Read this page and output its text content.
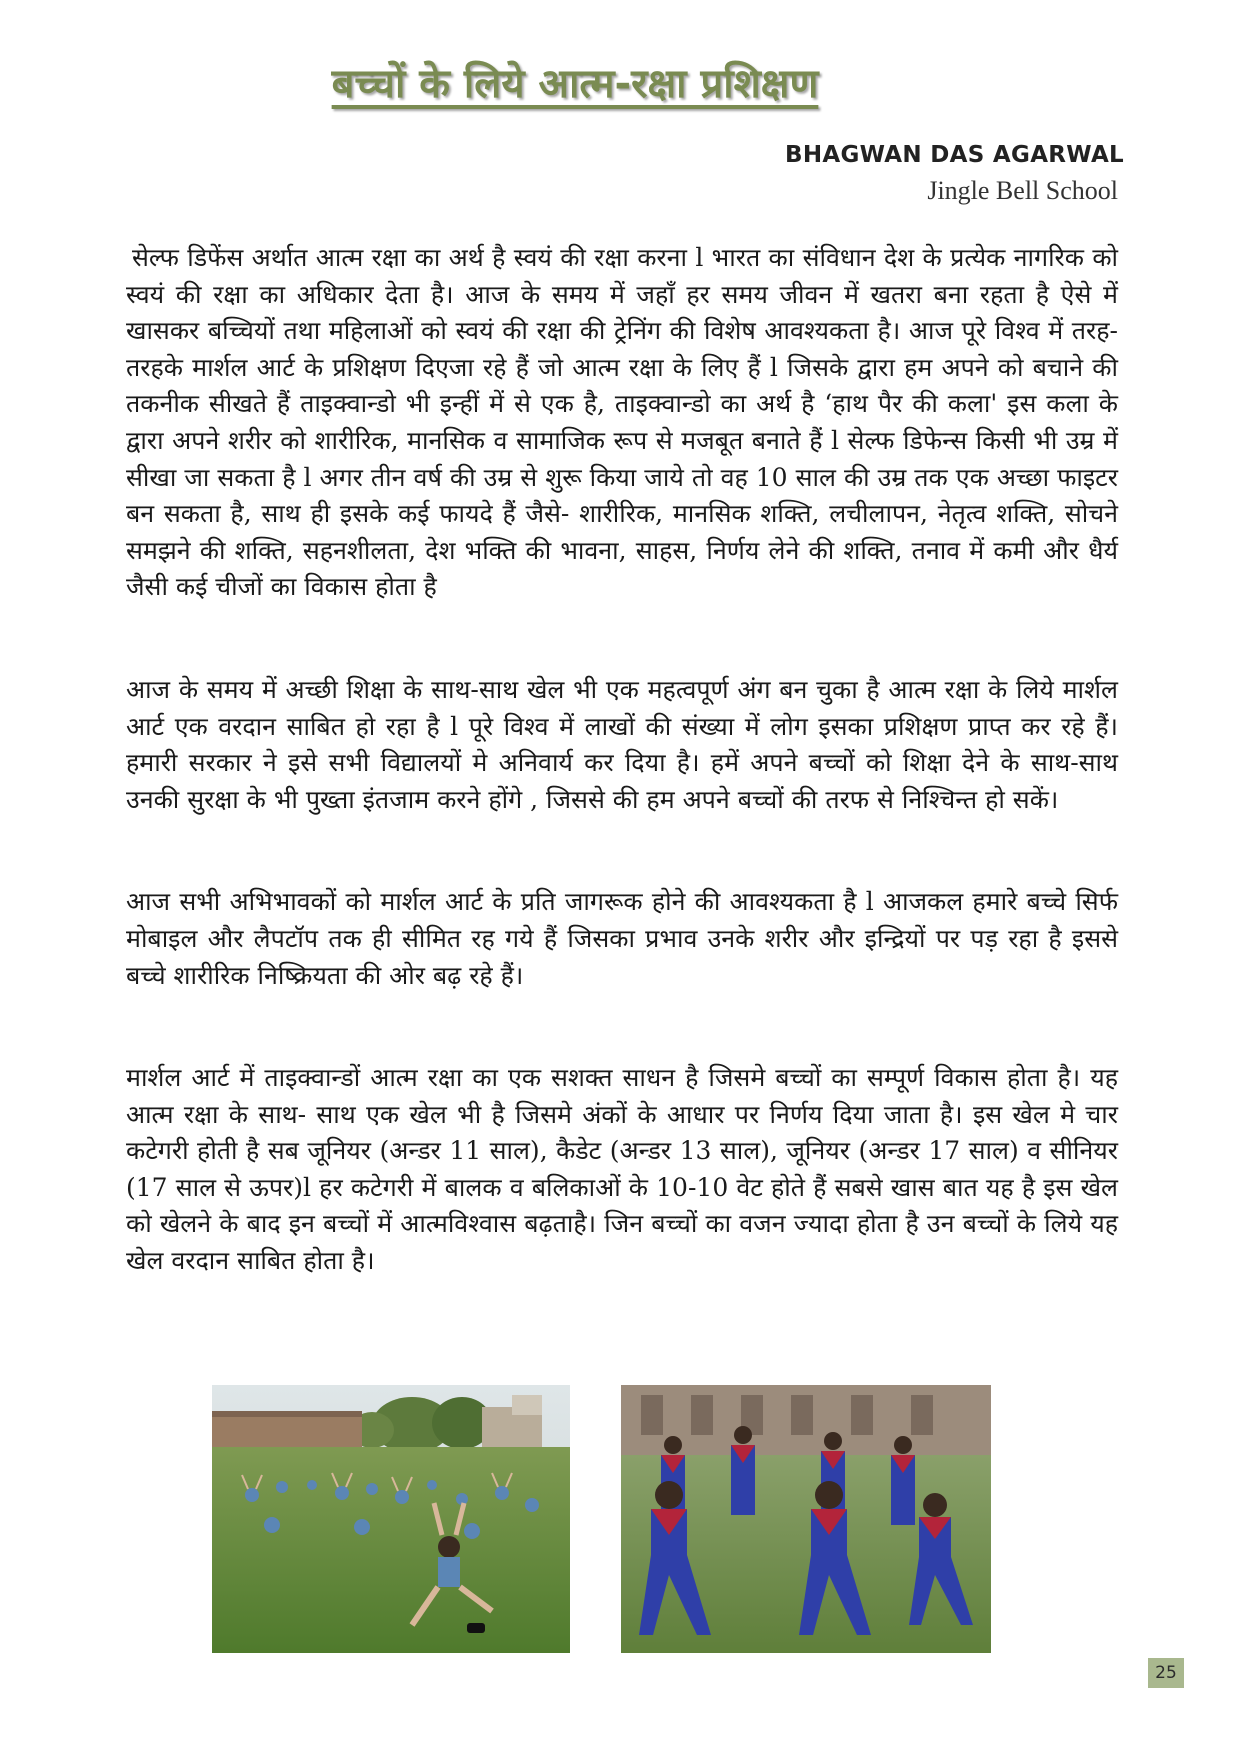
बच्चों के लिये आत्म-रक्षा प्रशिक्षण
BHAGWAN DAS AGARWAL
Jingle Bell School

सेल्फ डिफेंस अर्थात आत्म रक्षा का अर्थ है स्वयं की रक्षा करना l भारत का संविधान देश के प्रत्येक नागरिक को स्वयं की रक्षा का अधिकार देता है। आज के समय में जहाँ हर समय जीवन में खतरा बना रहता है ऐसे में खासकर बच्चियों तथा महिलाओं को स्वयं की रक्षा की ट्रेनिंग की विशेष आवश्यकता है। आज पूरे विश्व में तरह- तरहके मार्शल आर्ट के प्रशिक्षण दिएजा रहे हैं जो आत्म रक्षा के लिए हैं l जिसके द्वारा हम अपने को बचाने की तकनीक सीखते हैं ताइक्वान्डो भी इन्हीं में से एक है, ताइक्वान्डो का अर्थ है ‘हाथ पैर की कला' इस कला के द्वारा अपने शरीर को शारीरिक, मानसिक व सामाजिक रूप से मजबूत बनाते हैं l सेल्फ डिफेन्स किसी भी उम्र में सीखा जा सकता है l अगर तीन वर्ष की उम्र से शुरू किया जाये तो वह 10 साल की उम्र तक एक अच्छा फाइटर बन सकता है, साथ ही इसके कई फायदे हैं जैसे- शारीरिक, मानसिक शक्ति, लचीलापन, नेतृत्व शक्ति, सोचने समझने की शक्ति, सहनशीलता, देश भक्ति की भावना, साहस, निर्णय लेने की शक्ति, तनाव में कमी और धैर्य जैसी कई चीजों का विकास होता है

आज के समय में अच्छी शिक्षा के साथ-साथ खेल भी एक महत्वपूर्ण अंग बन चुका है आत्म रक्षा के लिये मार्शल आर्ट एक वरदान साबित हो रहा है l पूरे विश्व में लाखों की संख्या में लोग इसका प्रशिक्षण प्राप्त कर रहे हैं। हमारी सरकार ने इसे सभी विद्यालयों मे अनिवार्य कर दिया है। हमें अपने बच्चों को शिक्षा देने के साथ-साथ उनकी सुरक्षा के भी पुख्ता इंतजाम करने होंगे , जिससे की हम अपने बच्चों की तरफ से निश्चिन्त हो सकें।

आज सभी अभिभावकों को मार्शल आर्ट के प्रति जागरूक होने की आवश्यकता है l आजकल हमारे बच्चे सिर्फ मोबाइल और लैपटॉप तक ही सीमित रह गये हैं जिसका प्रभाव उनके शरीर और इन्द्रियों पर पड़ रहा है इससे बच्चे शारीरिक निष्क्रियता की ओर बढ़ रहे हैं।

मार्शल आर्ट में ताइक्वान्डों आत्म रक्षा का एक सशक्त साधन है जिसमे बच्चों का सम्पूर्ण विकास होता है। यह आत्म रक्षा के साथ- साथ एक खेल भी है जिसमे अंकों के आधार पर निर्णय दिया जाता है। इस खेल मे चार कटेगरी होती है सब जूनियर (अन्डर 11 साल), कैडेट (अन्डर 13 साल), जूनियर (अन्डर 17 साल) व सीनियर (17 साल से ऊपर)l हर कटेगरी में बालक व बलिकाओं के 10-10 वेट होते हैं सबसे खास बात यह है इस खेल को खेलने के बाद इन बच्चों में आत्मविश्वास बढ़ताहै। जिन बच्चों का वजन ज्यादा होता है उन बच्चों के लिये यह खेल वरदान साबित होता है।

25
